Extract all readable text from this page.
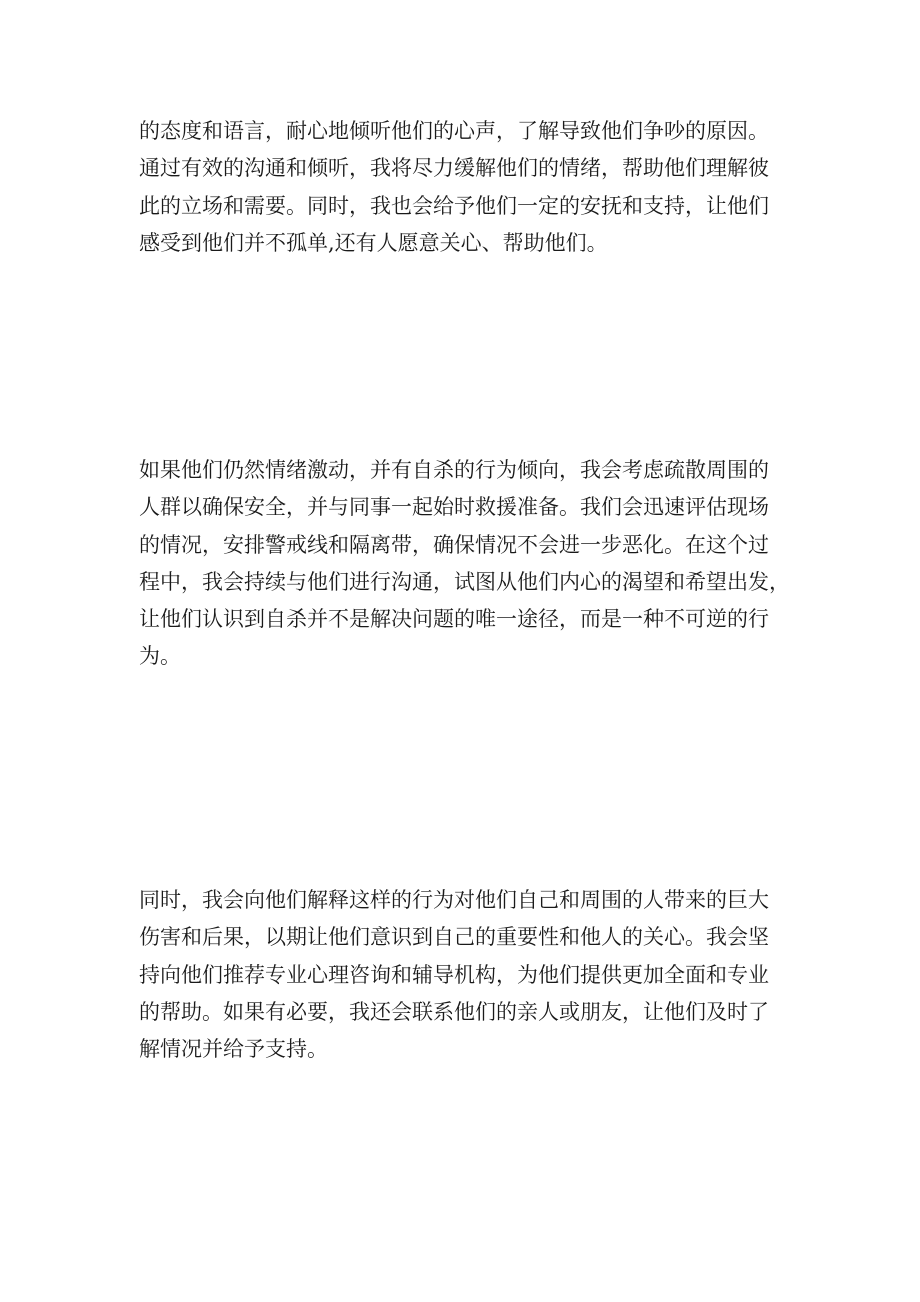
的态度和语言，耐心地倾听他们的心声，了解导致他们争吵的原因。
通过有效的沟通和倾听，我将尽力缓解他们的情绪，帮助他们理解彼
此的立场和需要。同时，我也会给予他们一定的安抚和支持，让他们
感受到他们并不孤单,还有人愿意关心、帮助他们。

如果他们仍然情绪激动，并有自杀的行为倾向，我会考虑疏散周围的
人群以确保安全，并与同事一起始时救援准备。我们会迅速评估现场
的情况，安排警戒线和隔离带，确保情况不会进一步恶化。在这个过
程中，我会持续与他们进行沟通，试图从他们内心的渴望和希望出发，
让他们认识到自杀并不是解决问题的唯一途径，而是一种不可逆的行
为。

同时，我会向他们解释这样的行为对他们自己和周围的人带来的巨大
伤害和后果，以期让他们意识到自己的重要性和他人的关心。我会坚
持向他们推荐专业心理咨询和辅导机构，为他们提供更加全面和专业
的帮助。如果有必要，我还会联系他们的亲人或朋友，让他们及时了
解情况并给予支持。
